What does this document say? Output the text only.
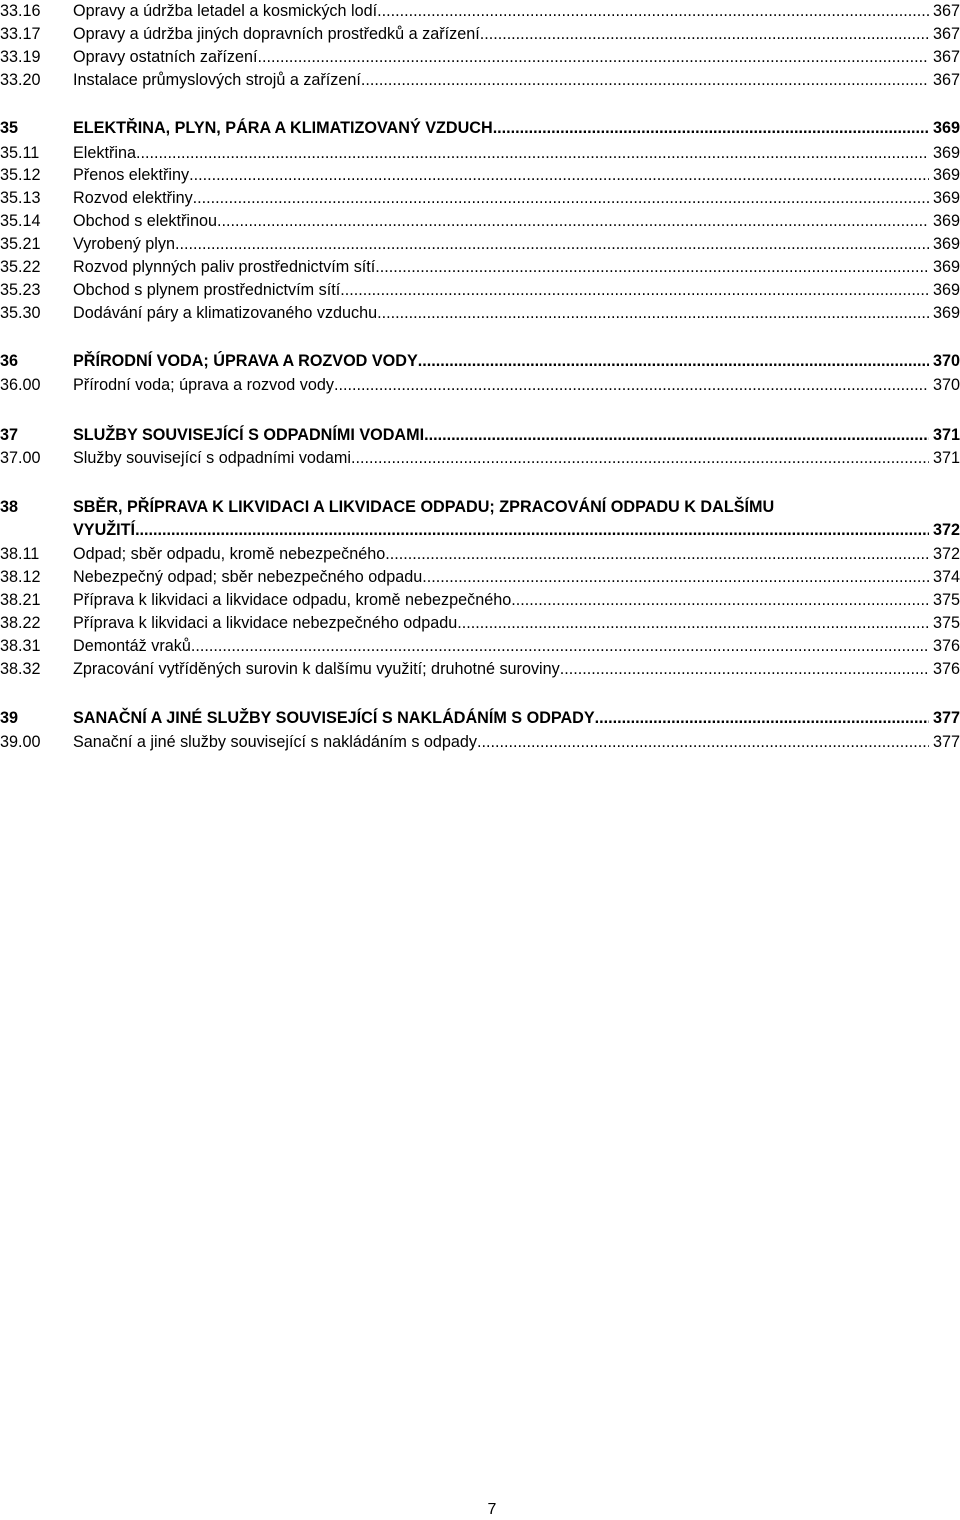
33.16 Opravy a údržba letadel a kosmických lodí .....	367
33.17 Opravy a údržba jiných dopravních prostředků a zařízení .....	367
33.19 Opravy ostatních zařízení .....	367
33.20 Instalace průmyslových strojů a zařízení .....	367
35	ELEKTŘINA, PLYN, PÁRA A KLIMATIZOVANÝ VZDUCH .....	369
35.11 Elektřina .....	369
35.12 Přenos elektřiny .....	369
35.13 Rozvod elektřiny .....	369
35.14 Obchod s elektřinou .....	369
35.21 Vyrobený plyn .....	369
35.22 Rozvod plynných paliv prostřednictvím sítí .....	369
35.23 Obchod s plynem prostřednictvím sítí .....	369
35.30 Dodávání páry a klimatizovaného vzduchu .....	369
36	PŘÍRODNÍ VODA; ÚPRAVA A ROZVOD VODY .....	370
36.00 Přírodní voda; úprava a rozvod vody .....	370
37	SLUŽBY SOUVISEJÍCÍ S ODPADNÍMI VODAMI .....	371
37.00 Služby související s odpadními vodami .....	371
38	SBĚR, PŘÍPRAVA K LIKVIDACI A LIKVIDACE ODPADU; ZPRACOVÁNÍ ODPADU K DALŠÍMU
VYUŽITÍ .....	372
38.11 Odpad; sběr odpadu, kromě nebezpečného .....	372
38.12 Nebezpečný odpad; sběr nebezpečného odpadu .....	374
38.21 Příprava k likvidaci a likvidace odpadu, kromě nebezpečného .....	375
38.22 Příprava k likvidaci a likvidace nebezpečného odpadu .....	375
38.31 Demontáž vraků .....	376
38.32 Zpracování vytříděných surovin k dalšímu využití; druhotné suroviny .....	376
39	SANAČNÍ A JINÉ SLUŽBY SOUVISEJÍCÍ S NAKLÁDÁNÍM S ODPADY .....	377
39.00 Sanační a jiné služby související s nakládáním s odpady .....	377
7
